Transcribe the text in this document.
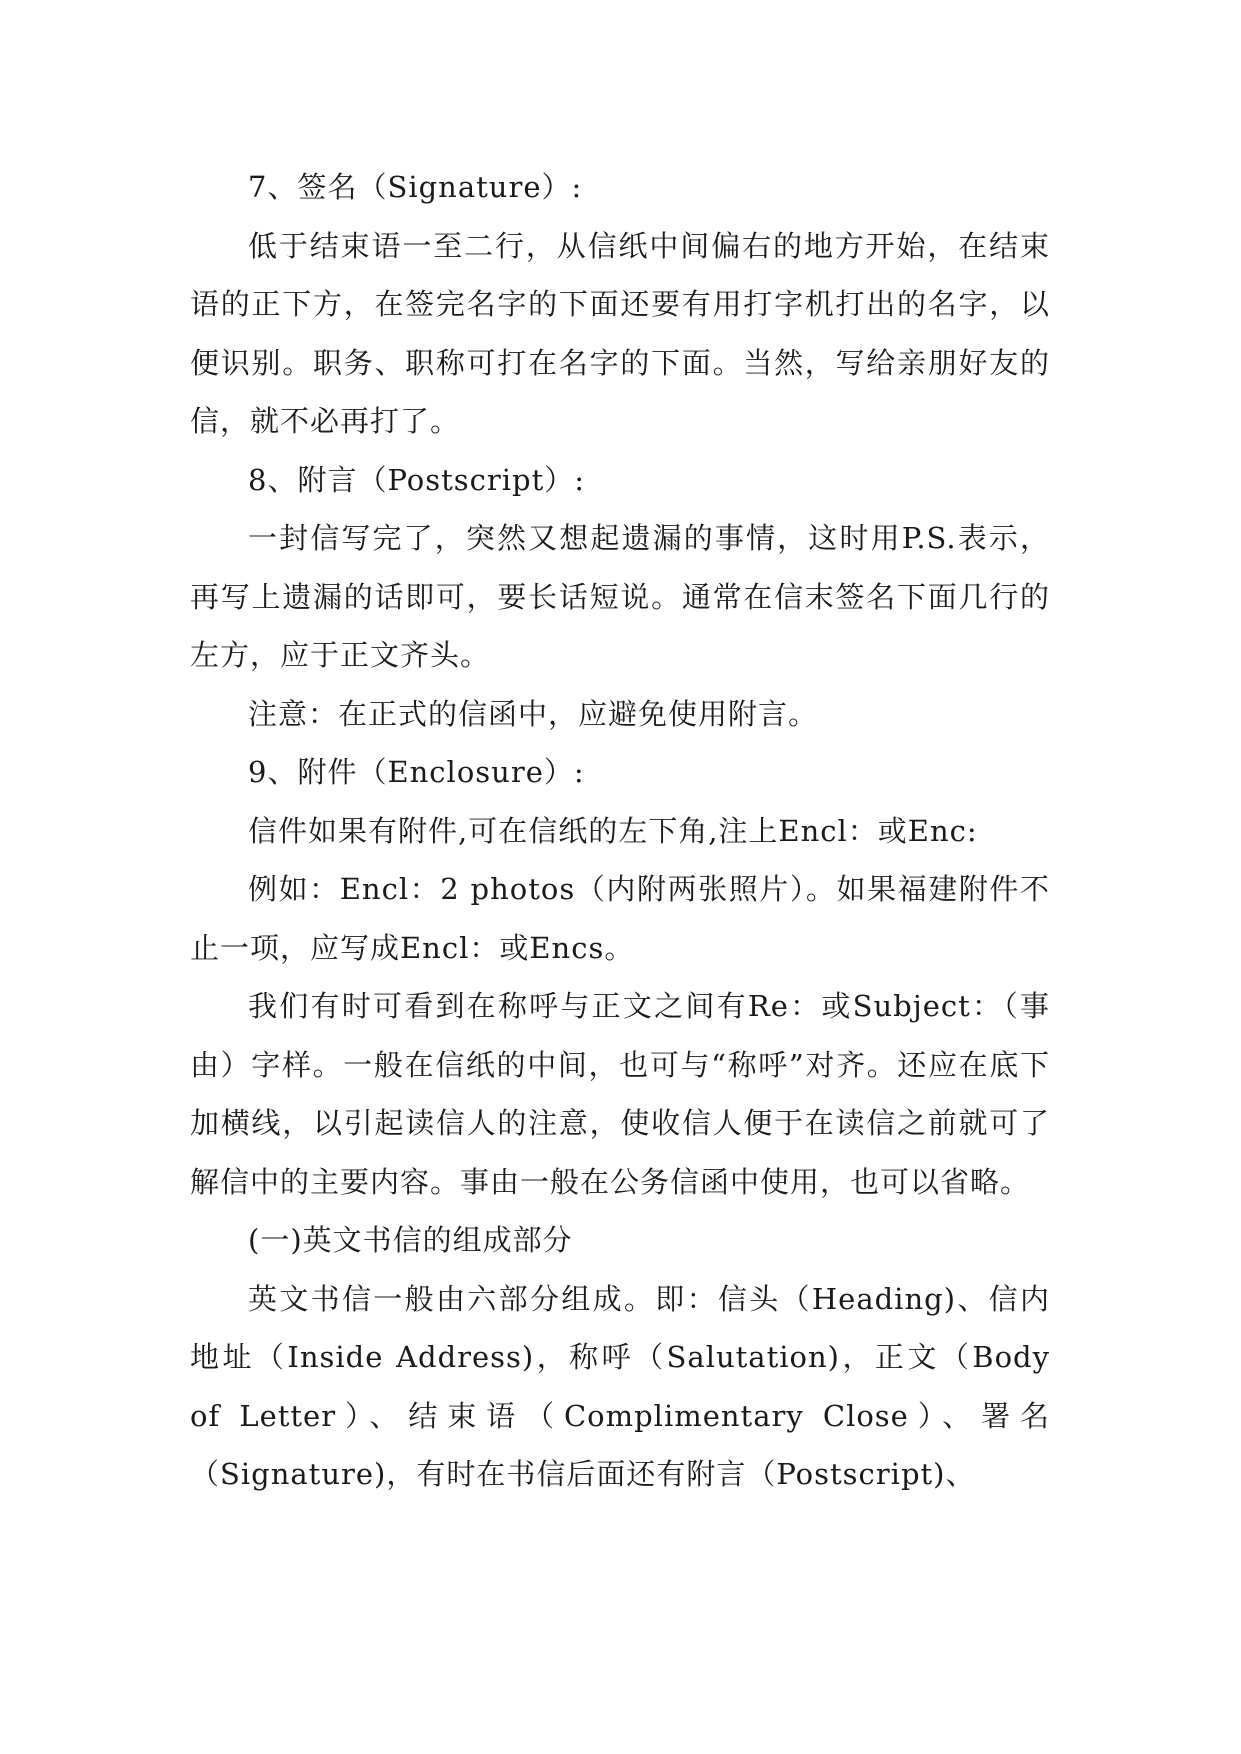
7、签名（Signature）:

低于结束语一至二行，从信纸中间偏右的地方开始，在结束语的正下方，在签完名字的下面还要有用打字机打出的名字，以便识别。职务、职称可打在名字的下面。当然，写给亲朋好友的信，就不必再打了。

8、附言（Postscript）:

一封信写完了，突然又想起遗漏的事情，这时用P.S.表示，再写上遗漏的话即可，要长话短说。通常在信末签名下面几行的左方，应于正文齐头。

注意：在正式的信函中，应避免使用附言。

9、附件（Enclosure）:

信件如果有附件,可在信纸的左下角,注上Encl：或Enc:

例如：Encl：2 photos（内附两张照片）。如果福建附件不止一项，应写成Encl：或Encs。

我们有时可看到在称呼与正文之间有Re：或Subject：（事由）字样。一般在信纸的中间，也可与“称呼”对齐。还应在底下加横线，以引起读信人的注意，使收信人便于在读信之前就可了解信中的主要内容。事由一般在公务信函中使用，也可以省略。

(一)英文书信的组成部分

英文书信一般由六部分组成。即：信头（Heading)、信内地址（Inside Address)，称呼（Salutation)，正文（Body of Letter）、结束语（Complimentary Close）、署名（Signature)，有时在书信后面还有附言（Postscript)、
